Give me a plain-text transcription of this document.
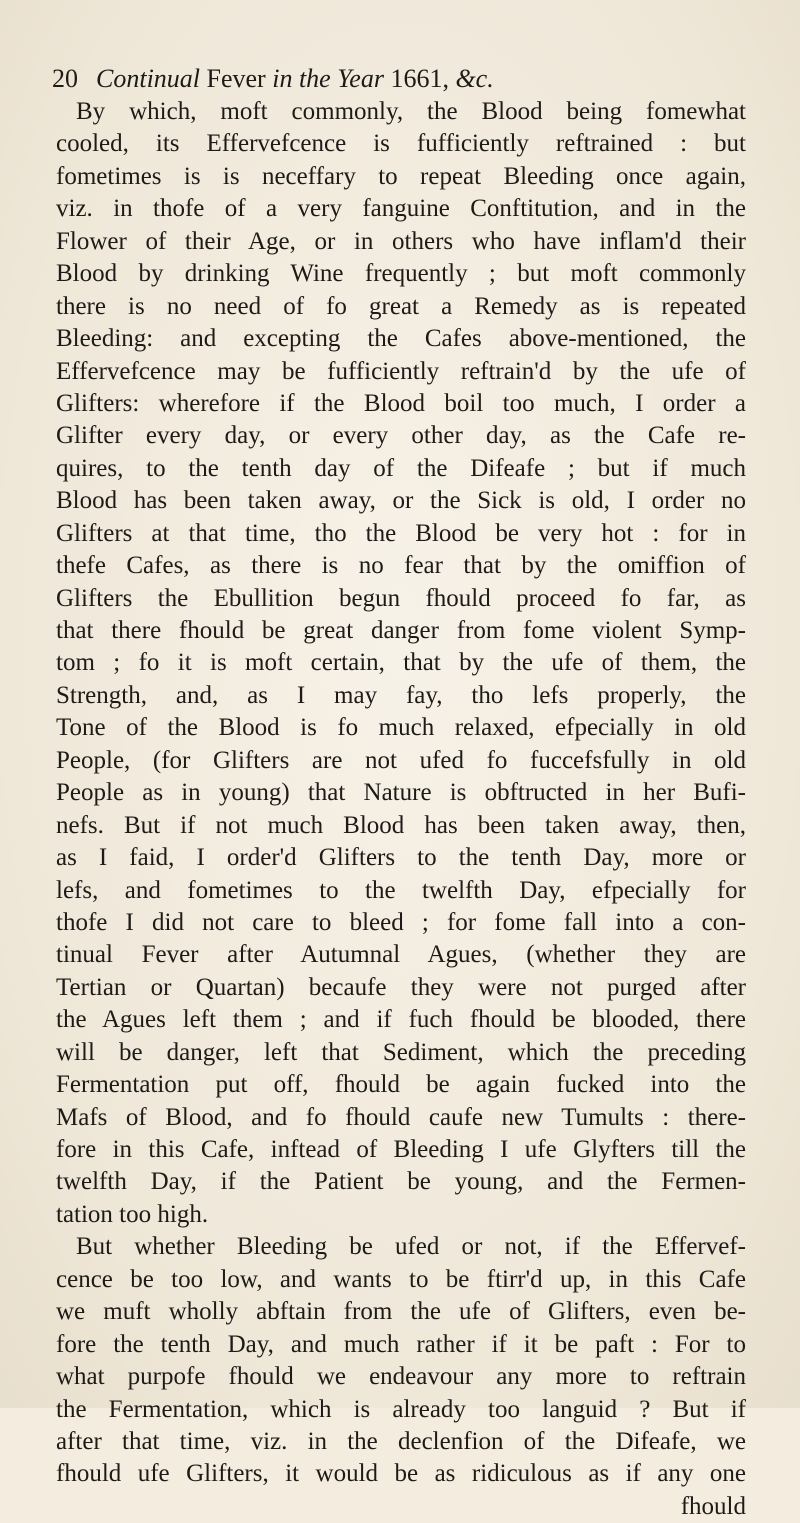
20 Continual Fever in the Year 1661, &c.
By which, moft commonly, the Blood being fomewhat
cooled, its Effervefcence is fufficiently reftrained : but
fometimes is is neceffary to repeat Bleeding once again,
viz. in thofe of a very fanguine Conftitution, and in the
Flower of their Age, or in others who have inflam'd their
Blood by drinking Wine frequently ; but moft commonly
there is no need of fo great a Remedy as is repeated
Bleeding: and excepting the Cafes above-mentioned, the
Effervefcence may be fufficiently reftrain'd by the ufe of
Glifters: wherefore if the Blood boil too much, I order a
Glifter every day, or every other day, as the Cafe re-
quires, to the tenth day of the Difeafe ; but if much
Blood has been taken away, or the Sick is old, I order no
Glifters at that time, tho the Blood be very hot : for in
thefe Cafes, as there is no fear that by the omiffion of
Glifters the Ebullition begun fhould proceed fo far, as
that there fhould be great danger from fome violent Symp-
tom ; fo it is moft certain, that by the ufe of them, the
Strength, and, as I may fay, tho lefs properly, the
Tone of the Blood is fo much relaxed, efpecially in old
People, (for Glifters are not ufed fo fuccefsfully in old
People as in young) that Nature is obftructed in her Bufi-
nefs. But if not much Blood has been taken away, then,
as I faid, I order'd Glifters to the tenth Day, more or
lefs, and fometimes to the twelfth Day, efpecially for
thofe I did not care to bleed ; for fome fall into a con-
tinual Fever after Autumnal Agues, (whether they are
Tertian or Quartan) becaufe they were not purged after
the Agues left them ; and if fuch fhould be blooded, there
will be danger, left that Sediment, which the preceding
Fermentation put off, fhould be again fucked into the
Mafs of Blood, and fo fhould caufe new Tumults : there-
fore in this Cafe, inftead of Bleeding I ufe Glyfters till the
twelfth Day, if the Patient be young, and the Fermen-
tation too high.
But whether Bleeding be ufed or not, if the Effervef-
cence be too low, and wants to be ftirr'd up, in this Cafe
we muft wholly abftain from the ufe of Glifters, even be-
fore the tenth Day, and much rather if it be paft : For to
what purpofe fhould we endeavour any more to reftrain
the Fermentation, which is already too languid ? But if
after that time, viz. in the declenfion of the Difeafe, we
fhould ufe Glifters, it would be as ridiculous as if any one
fhould
